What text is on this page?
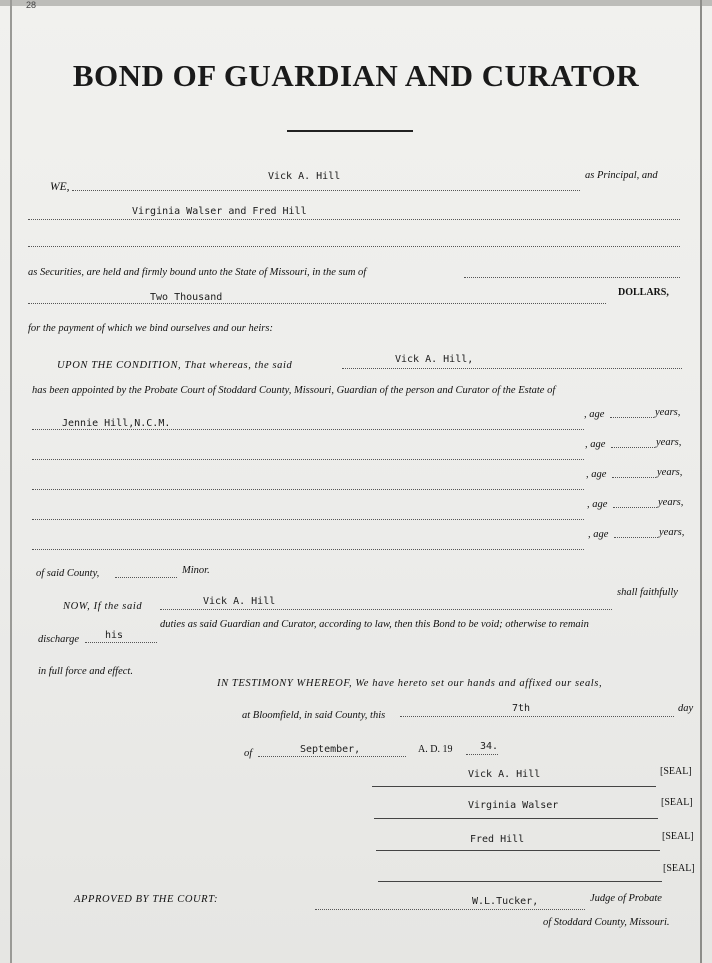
28
BOND OF GUARDIAN AND CURATOR
WE,
Vick A. Hill	as Principal, and
Virginia Walser and Fred Hill
as Securities, are held and firmly bound unto the State of Missouri, in the sum of
Two Thousand	DOLLARS,
for the payment of which we bind ourselves and our heirs:
UPON THE CONDITION, That whereas, the said
Vick A. Hill,
has been appointed by the Probate Court of Stoddard County, Missouri, Guardian of the person and Curator of the Estate of
Jennie Hill,N.C.M.
, age	years,
, age	years,
, age	years,
, age	years,
, age	years,
of said County,	Minor.
NOW, If the said	Vick A. Hill
shall faithfully
discharge	his
duties as said Guardian and Curator, according to law, then this Bond to be void; otherwise to remain
in full force and effect.
IN TESTIMONY WHEREOF, We have hereto set our hands and affixed our seals,
at Bloomfield, in said County, this
7th	day
of	September,	A. D. 19	34.
Vick A. Hill	[SEAL]
Virginia Walser	[SEAL]
Fred Hill	[SEAL]
[SEAL]
APPROVED BY THE COURT:	W.L.Tucker,	Judge of Probate
of Stoddard County, Missouri.
